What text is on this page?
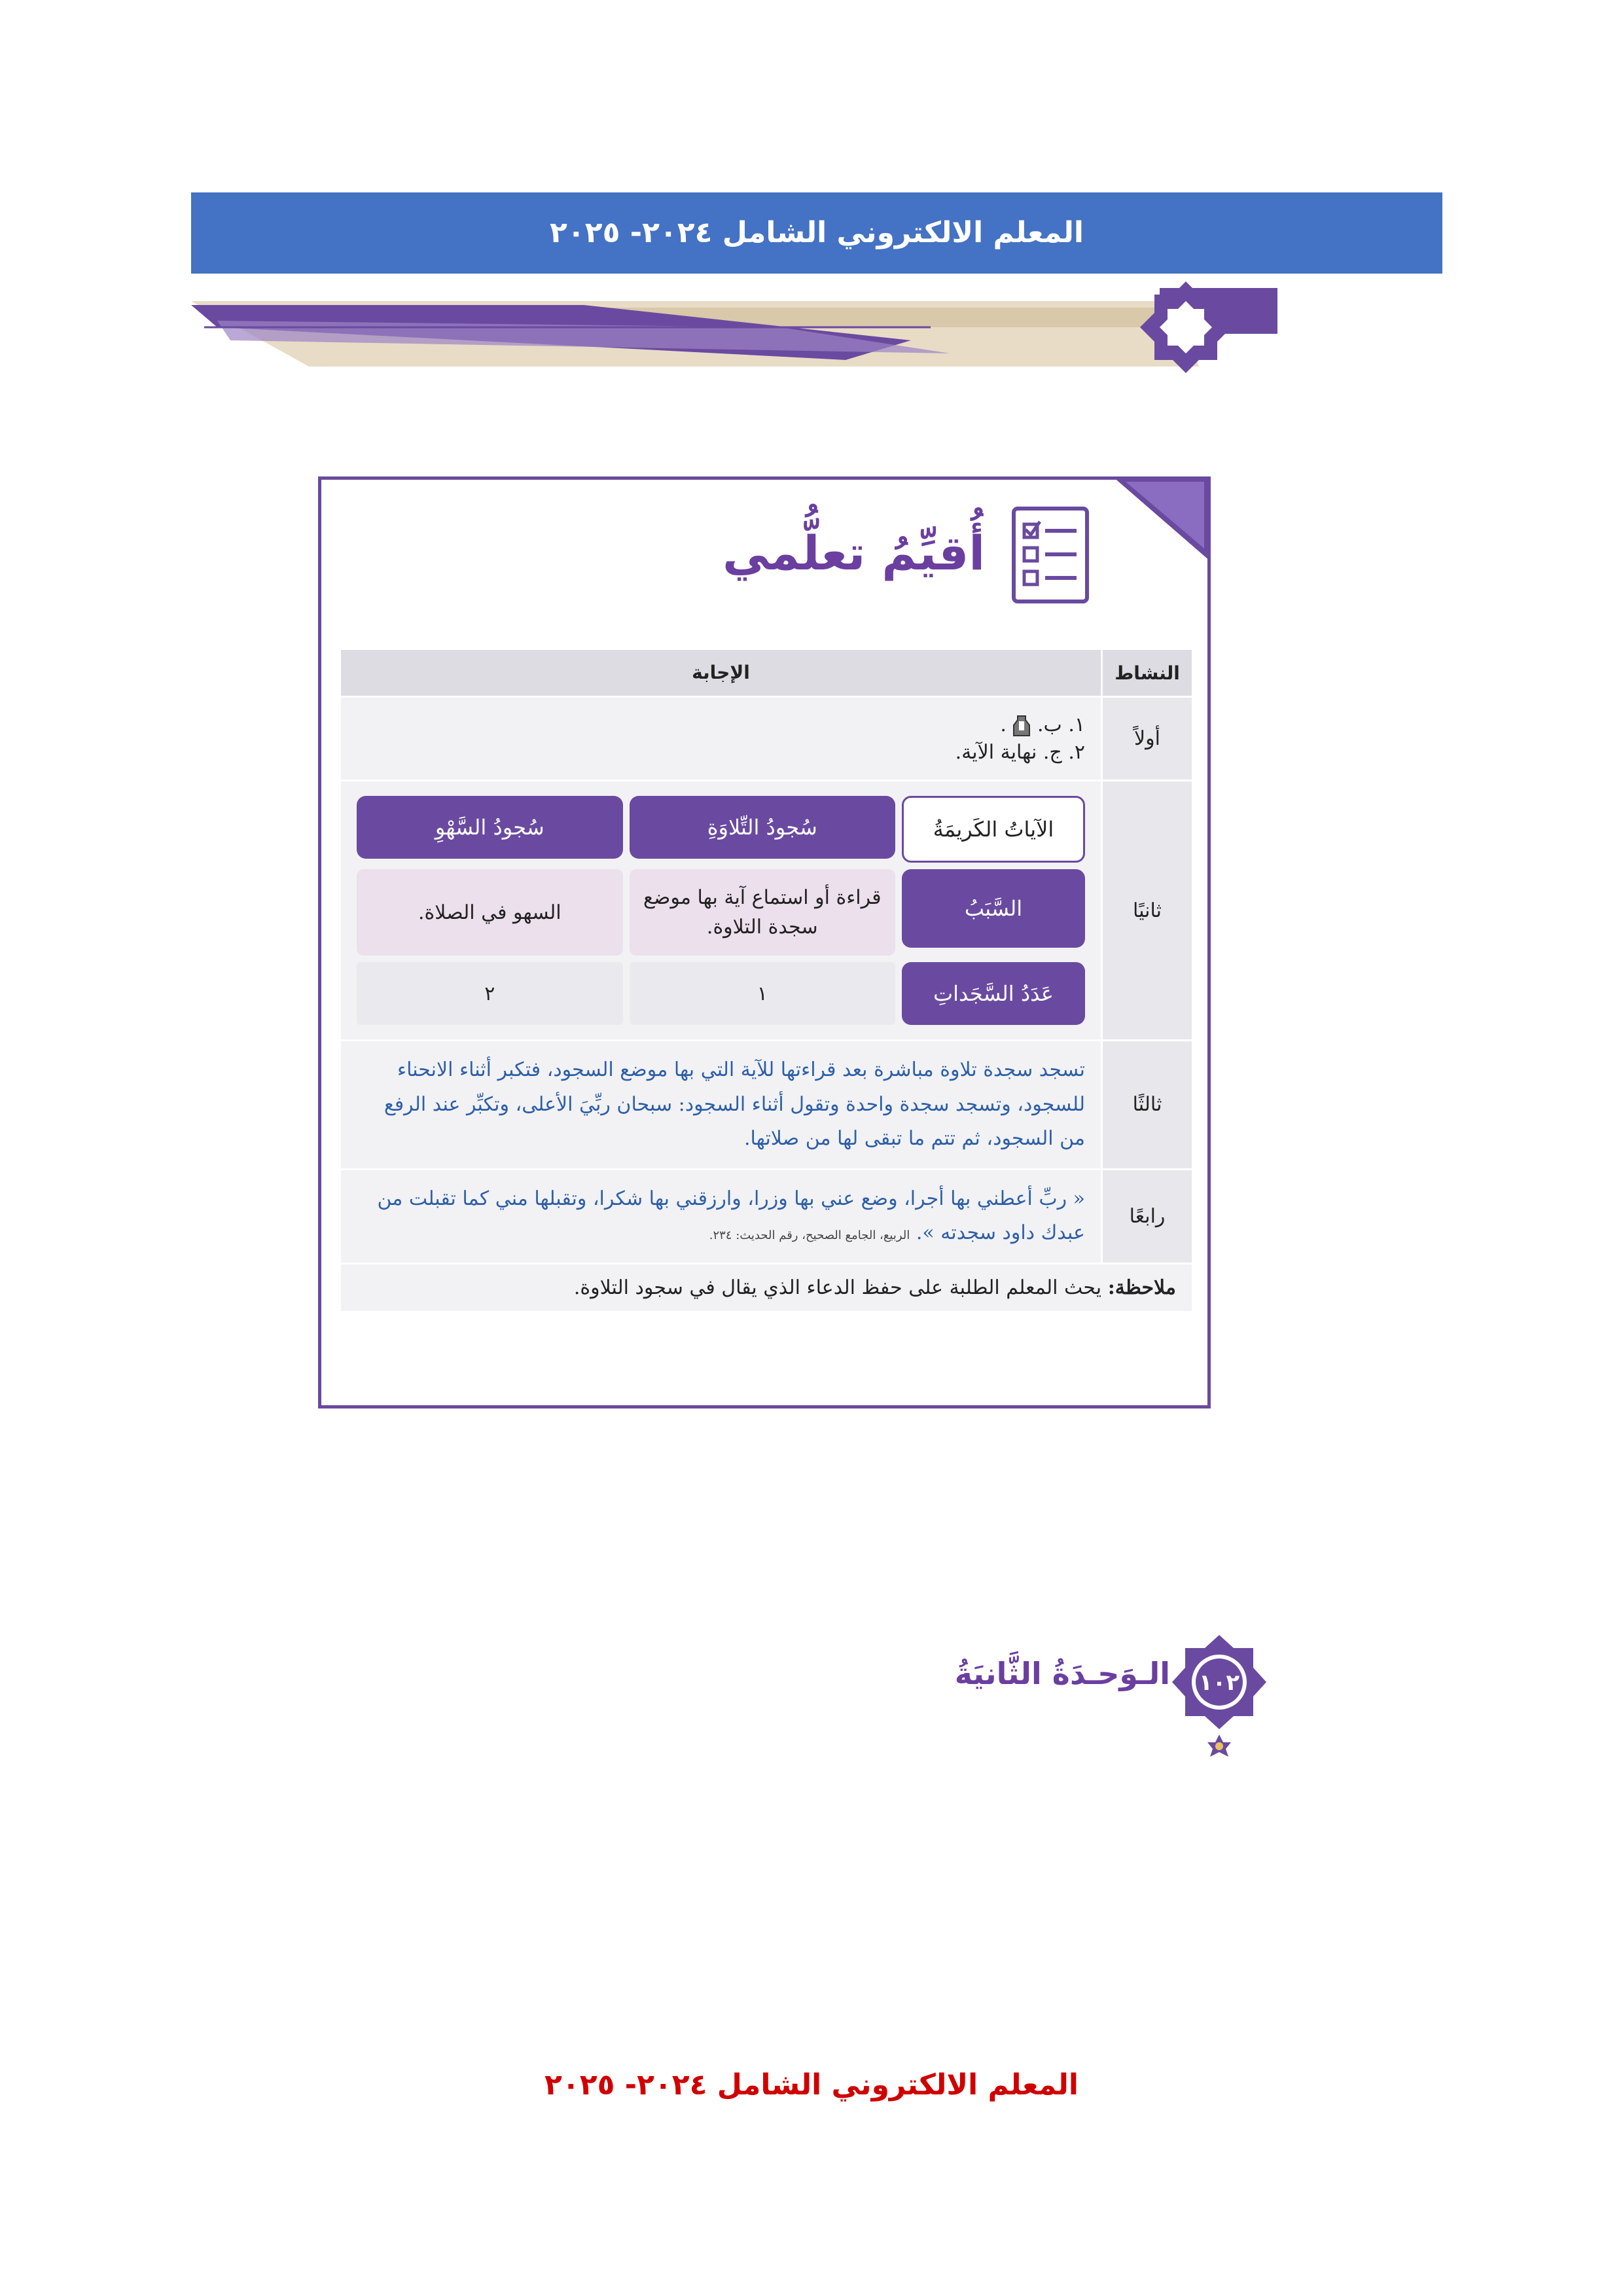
المعلم الالكتروني الشامل ٢٠٢٤- ٢٠٢٥
أُقيِّمُ تعلُّمي
النشاط
الإجابة
أولاً
١. ب.  .
٢. ج. نهاية الآية.
ثانيًا
الآياتُ الكَريمَةُ
سُجودُ التِّلاوَةِ
سُجودُ السَّهْوِ
السَّبَبُ
قراءة أو استماع آية بها موضع سجدة التلاوة.
السهو في الصلاة.
عَدَدُ السَّجَداتِ
١
٢
ثالثًا
تسجد سجدة تلاوة مباشرة بعد قراءتها للآية التي بها موضع السجود، فتكبر أثناء الانحناء للسجود، وتسجد سجدة واحدة وتقول أثناء السجود: سبحان ربِّيَ الأعلى، وتكبِّر عند الرفع من السجود، ثم تتم ما تبقى لها من صلاتها.
رابعًا
« ربِّ أعطني بها أجرا، وضع عني بها وزرا، وارزقني بها شكرا، وتقبلها مني كما تقبلت من عبدك داود سجدته ». الربيع، الجامع الصحيح، رقم الحديث: ٢٣٤.
ملاحظة: يحث المعلم الطلبة على حفظ الدعاء الذي يقال في سجود التلاوة.
الـوَحـدَةُ الثَّانيَةُ ١٠٢
المعلم الالكتروني الشامل ٢٠٢٤- ٢٠٢٥
